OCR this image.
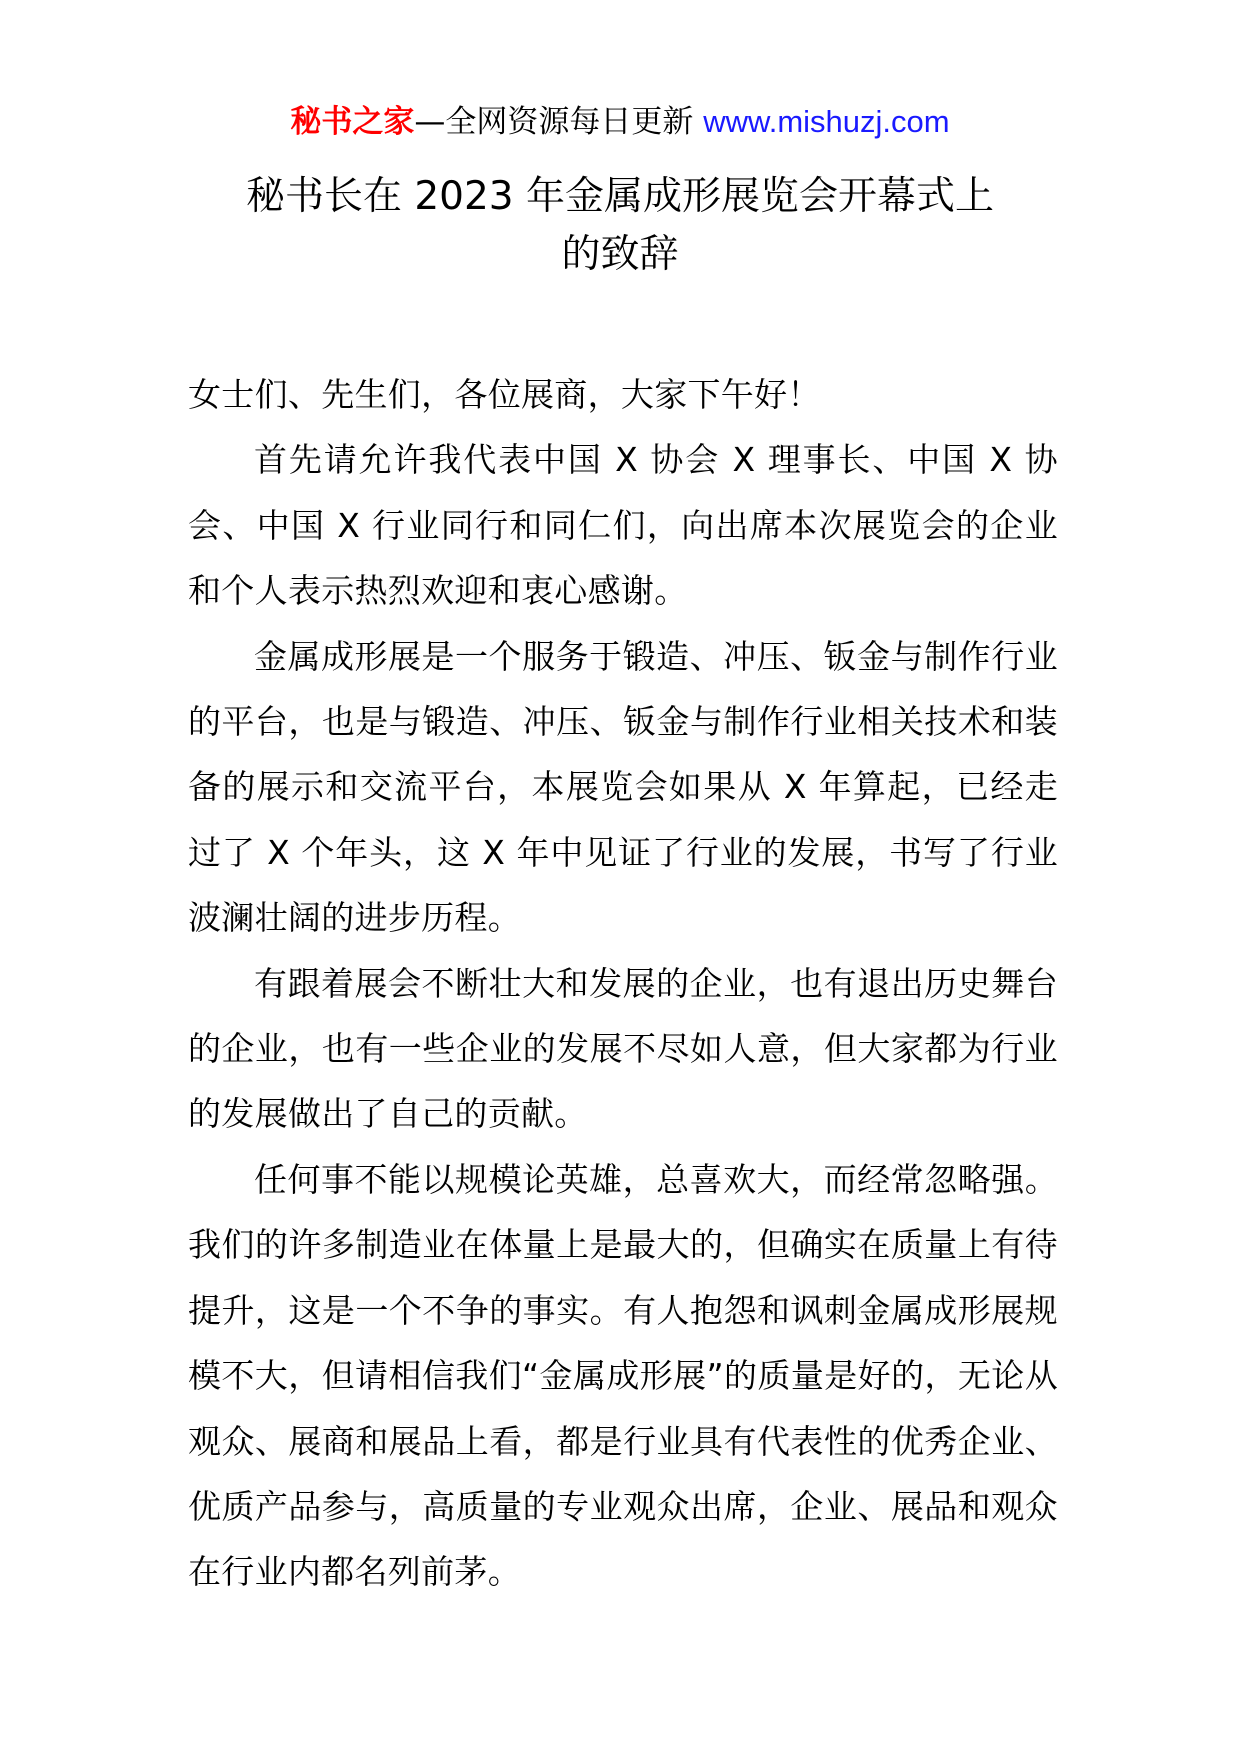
秘书之家—全网资源每日更新 www.mishuzj.com
秘书长在 2023 年金属成形展览会开幕式上
的致辞

女士们、先生们，各位展商，大家下午好！

首先请允许我代表中国 X 协会 X 理事长、中国 X 协会、中国 X 行业同行和同仁们，向出席本次展览会的企业和个人表示热烈欢迎和衷心感谢。

金属成形展是一个服务于锻造、冲压、钣金与制作行业的平台，也是与锻造、冲压、钣金与制作行业相关技术和装备的展示和交流平台，本展览会如果从 X 年算起，已经走过了 X 个年头，这 X 年中见证了行业的发展，书写了行业波澜壮阔的进步历程。

有跟着展会不断壮大和发展的企业，也有退出历史舞台的企业，也有一些企业的发展不尽如人意，但大家都为行业的发展做出了自己的贡献。

任何事不能以规模论英雄，总喜欢大，而经常忽略强。我们的许多制造业在体量上是最大的，但确实在质量上有待提升，这是一个不争的事实。有人抱怨和讽刺金属成形展规模不大，但请相信我们“金属成形展”的质量是好的，无论从观众、展商和展品上看，都是行业具有代表性的优秀企业、优质产品参与，高质量的专业观众出席，企业、展品和观众在行业内都名列前茅。
